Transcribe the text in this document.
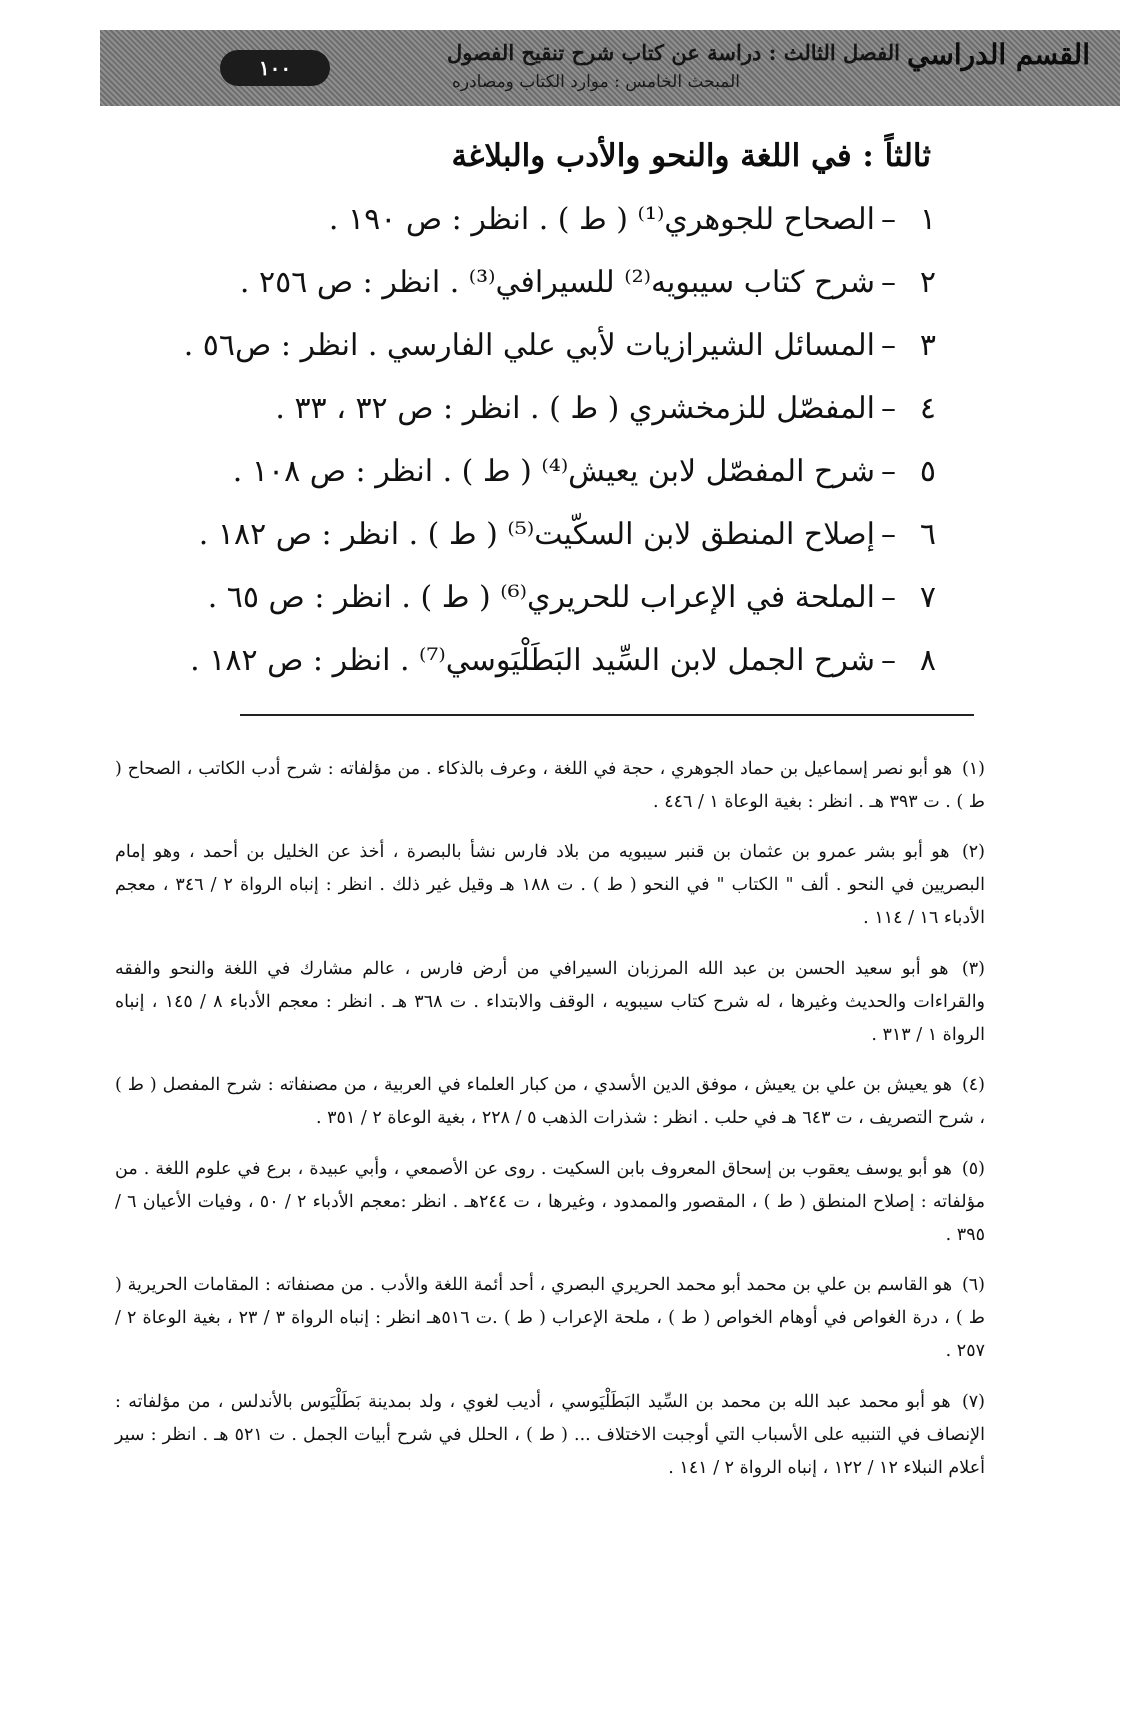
١٠٠
الفصل الثالث : دراسة عن كتاب شرح تنقيح الفصول
المبحث الخامس : موارد الكتاب ومصادره
القسم الدراسي
ثالثاً : في اللغة والنحو والأدب والبلاغة
١–الصحاح للجوهري⁽¹⁾ ( ط ) . انظر : ص ١٩٠ .
٢–شرح كتاب سيبويه⁽²⁾ للسيرافي⁽³⁾ . انظر : ص ٢٥٦ .
٣–المسائل الشيرازيات لأبي علي الفارسي . انظر : ص٥٦ .
٤–المفصّل للزمخشري ( ط ) . انظر : ص ٣٢ ، ٣٣ .
٥–شرح المفصّل لابن يعيش⁽⁴⁾ ( ط ) . انظر : ص ١٠٨ .
٦–إصلاح المنطق لابن السكّيت⁽⁵⁾ ( ط ) . انظر : ص ١٨٢ .
٧–الملحة في الإعراب للحريري⁽⁶⁾ ( ط ) . انظر : ص ٦٥ .
٨–شرح الجمل لابن السِّيد البَطَلْيَوسي⁽⁷⁾ . انظر : ص ١٨٢ .

(١) هو أبو نصر إسماعيل بن حماد الجوهري ، حجة في اللغة ، وعرف بالذكاء . من مؤلفاته : شرح أدب الكاتب ، الصحاح ( ط ) . ت ٣٩٣ هـ . انظر : بغية الوعاة ١ / ٤٤٦ .

(٢) هو أبو بشر عمرو بن عثمان بن قنبر سيبويه من بلاد فارس نشأ بالبصرة ، أخذ عن الخليل بن أحمد ، وهو إمام البصريين في النحو . ألف " الكتاب " في النحو ( ط ) . ت ١٨٨ هـ وقيل غير ذلك . انظر : إنباه الرواة ٢ / ٣٤٦ ، معجم الأدباء ١٦ / ١١٤ .

(٣) هو أبو سعيد الحسن بن عبد الله المرزبان السيرافي من أرض فارس ، عالم مشارك في اللغة والنحو والفقه والقراءات والحديث وغيرها ، له شرح كتاب سيبويه ، الوقف والابتداء . ت ٣٦٨ هـ . انظر : معجم الأدباء ٨ / ١٤٥ ، إنباه الرواة ١ / ٣١٣ .

(٤) هو يعيش بن علي بن يعيش ، موفق الدين الأسدي ، من كبار العلماء في العربية ، من مصنفاته : شرح المفصل ( ط ) ، شرح التصريف ، ت ٦٤٣ هـ في حلب . انظر : شذرات الذهب ٥ / ٢٢٨ ، بغية الوعاة ٢ / ٣٥١ .

(٥) هو أبو يوسف يعقوب بن إسحاق المعروف بابن السكيت . روى عن الأصمعي ، وأبي عبيدة ، برع في علوم اللغة . من مؤلفاته : إصلاح المنطق ( ط ) ، المقصور والممدود ، وغيرها ، ت ٢٤٤هـ . انظر :معجم الأدباء ٢ / ٥٠ ، وفيات الأعيان ٦ / ٣٩٥ .

(٦) هو القاسم بن علي بن محمد أبو محمد الحريري البصري ، أحد أئمة اللغة والأدب . من مصنفاته : المقامات الحريرية ( ط ) ، درة الغواص في أوهام الخواص ( ط ) ، ملحة الإعراب ( ط ) .ت ٥١٦هـ انظر : إنباه الرواة ٣ / ٢٣ ، بغية الوعاة ٢ / ٢٥٧ .

(٧) هو أبو محمد عبد الله بن محمد بن السِّيد البَطَلْيَوسي ، أديب لغوي ، ولد بمدينة بَطَلْيَوس بالأندلس ، من مؤلفاته : الإنصاف في التنبيه على الأسباب التي أوجبت الاختلاف ... ( ط ) ، الحلل في شرح أبيات الجمل . ت ٥٢١ هـ . انظر : سير أعلام النبلاء ١٢ / ١٢٢ ، إنباه الرواة ٢ / ١٤١ .
